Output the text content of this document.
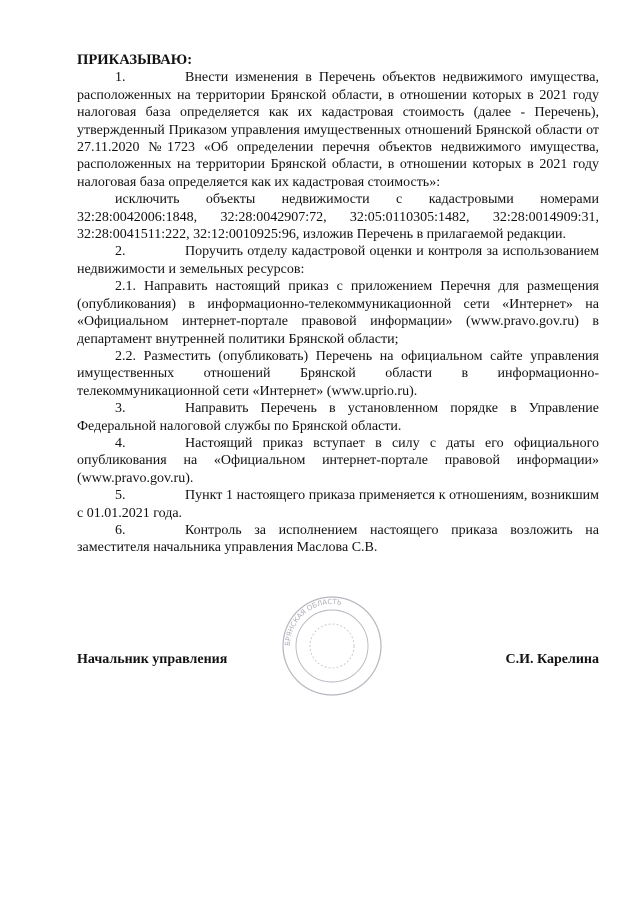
ПРИКАЗЫВАЮ:

1.	Внести изменения в Перечень объектов недвижимого имущества, расположенных на территории Брянской области, в отношении которых в 2021 году налоговая база определяется как их кадастровая стоимость (далее - Перечень), утвержденный Приказом управления имущественных отношений Брянской области от 27.11.2020 №1723 «Об определении перечня объектов недвижимого имущества, расположенных на территории Брянской области, в отношении которых в 2021 году налоговая база определяется как их кадастровая стоимость»:

исключить объекты недвижимости с кадастровыми номерами 32:28:0042006:1848, 32:28:0042907:72, 32:05:0110305:1482, 32:28:0014909:31, 32:28:0041511:222, 32:12:0010925:96, изложив Перечень в прилагаемой редакции.

2.	Поручить отделу кадастровой оценки и контроля за использованием недвижимости и земельных ресурсов:

2.1. Направить настоящий приказ с приложением Перечня для размещения (опубликования) в информационно-телекоммуникационной сети «Интернет» на «Официальном интернет-портале правовой информации» (www.pravo.gov.ru) в департамент внутренней политики Брянской области;

2.2. Разместить (опубликовать) Перечень на официальном сайте управления имущественных отношений Брянской области в информационно-телекоммуникационной сети «Интернет» (www.uprio.ru).

3.	Направить Перечень в установленном порядке в Управление Федеральной налоговой службы по Брянской области.

4.	Настоящий приказ вступает в силу с даты его официального опубликования на «Официальном интернет-портале правовой информации» (www.pravo.gov.ru).

5.	Пункт 1 настоящего приказа применяется к отношениям, возникшим с 01.01.2021 года.

6.	Контроль за исполнением настоящего приказа возложить на заместителя начальника управления Маслова С.В.

БРЯНСКАЯ ОБЛАСТЬ
Начальник управления	С.И. Карелина
